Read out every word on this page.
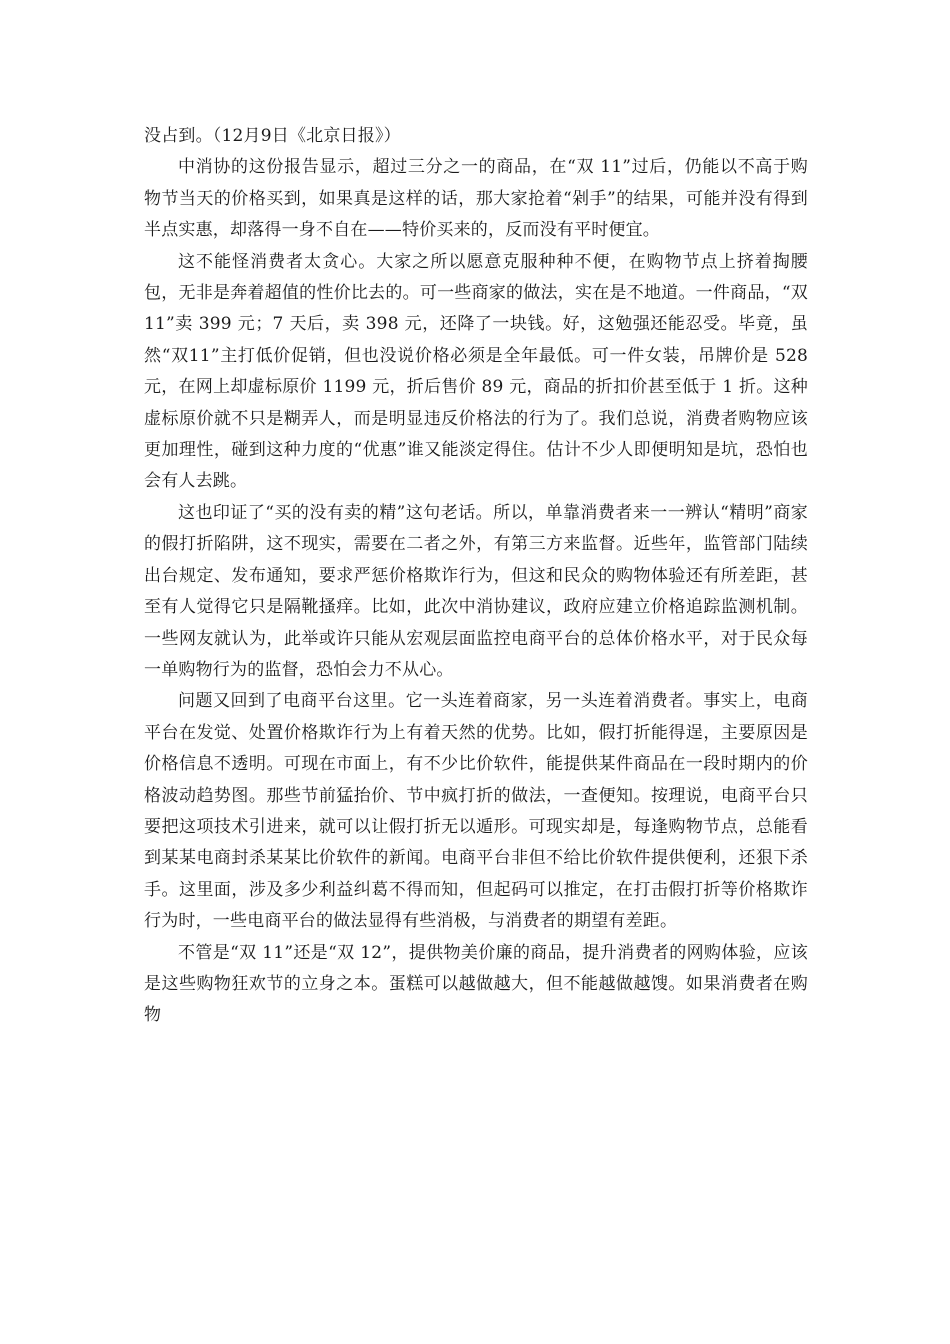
没占到。（12月9日《北京日报》）

中消协的这份报告显示，超过三分之一的商品，在“双 11”过后，仍能以不高于购物节当天的价格买到，如果真是这样的话，那大家抢着“剁手”的结果，可能并没有得到半点实惠，却落得一身不自在——特价买来的，反而没有平时便宜。

这不能怪消费者太贪心。大家之所以愿意克服种种不便，在购物节点上挤着掏腰包，无非是奔着超值的性价比去的。可一些商家的做法，实在是不地道。一件商品，“双 11”卖 399 元；7 天后，卖 398 元，还降了一块钱。好，这勉强还能忍受。毕竟，虽然“双11”主打低价促销，但也没说价格必须是全年最低。可一件女装，吊牌价是 528 元，在网上却虚标原价 1199 元，折后售价 89 元，商品的折扣价甚至低于 1 折。这种虚标原价就不只是糊弄人，而是明显违反价格法的行为了。我们总说，消费者购物应该更加理性，碰到这种力度的“优惠”谁又能淡定得住。估计不少人即便明知是坑，恐怕也会有人去跳。

这也印证了“买的没有卖的精”这句老话。所以，单靠消费者来一一辨认“精明”商家的假打折陷阱，这不现实，需要在二者之外，有第三方来监督。近些年，监管部门陆续出台规定、发布通知，要求严惩价格欺诈行为，但这和民众的购物体验还有所差距，甚至有人觉得它只是隔靴搔痒。比如，此次中消协建议，政府应建立价格追踪监测机制。一些网友就认为，此举或许只能从宏观层面监控电商平台的总体价格水平，对于民众每一单购物行为的监督，恐怕会力不从心。

问题又回到了电商平台这里。它一头连着商家，另一头连着消费者。事实上，电商平台在发觉、处置价格欺诈行为上有着天然的优势。比如，假打折能得逞，主要原因是价格信息不透明。可现在市面上，有不少比价软件，能提供某件商品在一段时期内的价格波动趋势图。那些节前猛抬价、节中疯打折的做法，一查便知。按理说，电商平台只要把这项技术引进来，就可以让假打折无以遁形。可现实却是，每逢购物节点，总能看到某某电商封杀某某比价软件的新闻。电商平台非但不给比价软件提供便利，还狠下杀手。这里面，涉及多少利益纠葛不得而知，但起码可以推定，在打击假打折等价格欺诈行为时，一些电商平台的做法显得有些消极，与消费者的期望有差距。

不管是“双 11”还是“双 12”，提供物美价廉的商品，提升消费者的网购体验，应该是这些购物狂欢节的立身之本。蛋糕可以越做越大，但不能越做越馊。如果消费者在购物
